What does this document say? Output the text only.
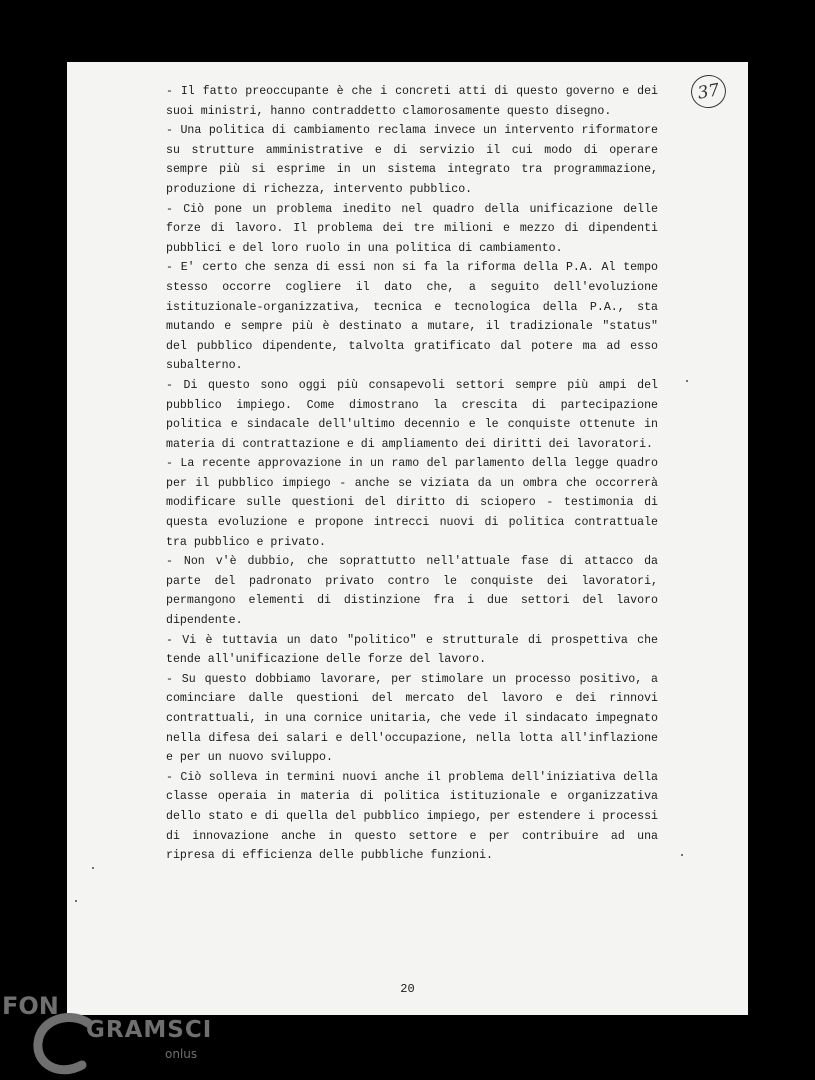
37

- Il fatto preoccupante è che i concreti atti di questo governo e dei suoi ministri, hanno contraddetto clamorosamente questo disegno.

- Una politica di cambiamento reclama invece un intervento riformatore su strutture amministrative e di servizio il cui modo di operare sempre più si esprime in un sistema integrato tra programmazione, produzione di richezza, intervento pubblico.

- Ciò pone un problema inedito nel quadro della unificazione delle forze di lavoro. Il problema dei tre milioni e mezzo di dipendenti pubblici e del loro ruolo in una politica di cambiamento.

- E' certo che senza di essi non si fa la riforma della P.A. Al tempo stesso occorre cogliere il dato che, a seguito dell'evoluzione istituzionale-organizzativa, tecnica e tecnologica della P.A., sta mutando e sempre più è destinato a mutare, il tradizionale "status" del pubblico dipendente, talvolta gratificato dal potere ma ad esso subalterno.

- Di questo sono oggi più consapevoli settori sempre più ampi del pubblico impiego. Come dimostrano la crescita di partecipazione politica e sindacale dell'ultimo decennio e le conquiste ottenute in materia di contrattazione e di ampliamento dei diritti dei lavoratori.

- La recente approvazione in un ramo del parlamento della legge quadro per il pubblico impiego - anche se viziata da un ombra che occorrerà modificare sulle questioni del diritto di sciopero - testimonia di questa evoluzione e propone intrecci nuovi di politica contrattuale tra pubblico e privato.

- Non v'è dubbio, che soprattutto nell'attuale fase di attacco da parte del padronato privato contro le conquiste dei lavoratori, permangono elementi di distinzione fra i due settori del lavoro dipendente.

- Vi è tuttavia un dato "politico" e strutturale di prospettiva che tende all'unificazione delle forze del lavoro.

- Su questo dobbiamo lavorare, per stimolare un processo positivo, a cominciare dalle questioni del mercato del lavoro e dei rinnovi contrattuali, in una cornice unitaria, che vede il sindacato impegnato nella difesa dei salari e dell'occupazione, nella lotta all'inflazione e per un nuovo sviluppo.

- Ciò solleva in termini nuovi anche il problema dell'iniziativa della classe operaia in materia di politica istituzionale e organizzativa dello stato e di quella del pubblico impiego, per estendere i processi di innovazione anche in questo settore e per contribuire ad una ripresa di efficienza delle pubbliche funzioni.

20
FON
GRAMSCI
onlus
